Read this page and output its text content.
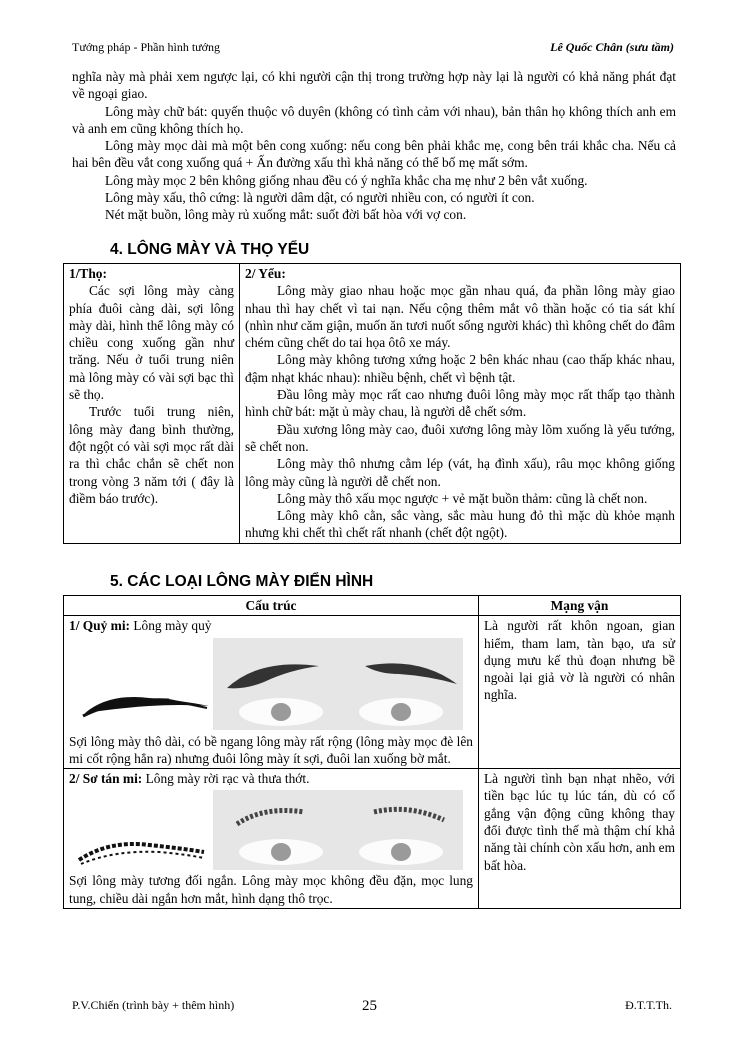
Tướng pháp - Phần hình tướng	Lê Quốc Chân (sưu tầm)

nghĩa này mà phải xem ngược lại, có khi người cận thị trong trường hợp này lại là người có khả năng phát đạt về ngoại giao.

Lông mày chữ bát: quyến thuộc vô duyên (không có tình cảm với nhau), bản thân họ không thích anh em và anh em cũng không thích họ.

Lông mày mọc dài mà một bên cong xuống: nếu cong bên phải khắc mẹ, cong bên trái khắc cha. Nếu cả hai bên đều vắt cong xuống quá + Ấn đường xấu thì khả năng có thể bố mẹ mất sớm.

Lông mày mọc 2 bên không giống nhau đều có ý nghĩa khắc cha mẹ như 2 bên vắt xuống.

Lông mày xấu, thô cứng: là người dâm dật, có người nhiều con, có người ít con.

Nét mặt buồn, lông mày rủ xuống mắt: suốt đời bất hòa với vợ con.

4. LÔNG MÀY VÀ THỌ YỂU
1/Thọ:

Các sợi lông mày càng phía đuôi càng dài, sợi lông mày dài, hình thể lông mày có chiều cong xuống gần như trăng. Nếu ở tuổi trung niên mà lông mày có vài sợi bạc thì sẽ thọ.

Trước tuổi trung niên, lông mày đang bình thường, đột ngột có vài sợi mọc rất dài ra thì chắc chắn sẽ chết non trong vòng 3 năm tới ( đây là điềm báo trước).

2/ Yểu:

Lông mày giao nhau hoặc mọc gần nhau quá, đa phần lông mày giao nhau thì hay chết vì tai nạn. Nếu cộng thêm mắt vô thần hoặc có tia sát khí (nhìn như căm giận, muốn ăn tươi nuốt sống người khác) thì không chết do đâm chém cũng chết do tai họa ôtô xe máy.

Lông mày không tương xứng hoặc 2 bên khác nhau (cao thấp khác nhau, đậm nhạt khác nhau): nhiều bệnh, chết vì bệnh tật.

Đầu lông mày mọc rất cao nhưng đuôi lông mày mọc rất thấp tạo thành hình chữ bát: mặt ủ mày chau, là người dễ chết sớm.

Đầu xương lông mày cao, đuôi xương lông mày lõm xuống là yểu tướng, sẽ chết non.

Lông mày thô nhưng cằm lép (vát, hạ đình xấu), râu mọc không giống lông mày cũng là người dễ chết non.

Lông mày thô xấu mọc ngược + vẻ mặt buồn thảm: cũng là chết non.

Lông mày khô cằn, sắc vàng, sắc màu hung đỏ thì mặc dù khỏe mạnh nhưng khi chết thì chết rất nhanh (chết đột ngột).

5. CÁC LOẠI LÔNG MÀY ĐIỂN HÌNH
Cấu trúc	Mạng vận

1/ Quỷ mi: Lông mày quỷ

Sợi lông mày thô dài, có bề ngang lông mày rất rộng (lông mày mọc đè lên mi cốt rộng hẳn ra) nhưng đuôi lông mày ít sợi, đuôi lan xuống bờ mắt.	Là người rất khôn ngoan, gian hiểm, tham lam, tàn bạo, ưa sử dụng mưu kế thủ đoạn nhưng bề ngoài lại giả vờ là người có nhân nghĩa.

2/ Sơ tán mi: Lông mày rời rạc và thưa thớt.

Sợi lông mày tương đối ngắn. Lông mày mọc không đều đặn, mọc lung tung, chiều dài ngắn hơn mắt, hình dạng thô trọc.	Là người tình bạn nhạt nhẽo, với tiền bạc lúc tụ lúc tán, dù có cố gắng vận động cũng không thay đổi được tình thế mà thậm chí khả năng tài chính còn xấu hơn, anh em bất hòa.

P.V.Chiến (trình bày + thêm hình)	25	Đ.T.T.Th.
